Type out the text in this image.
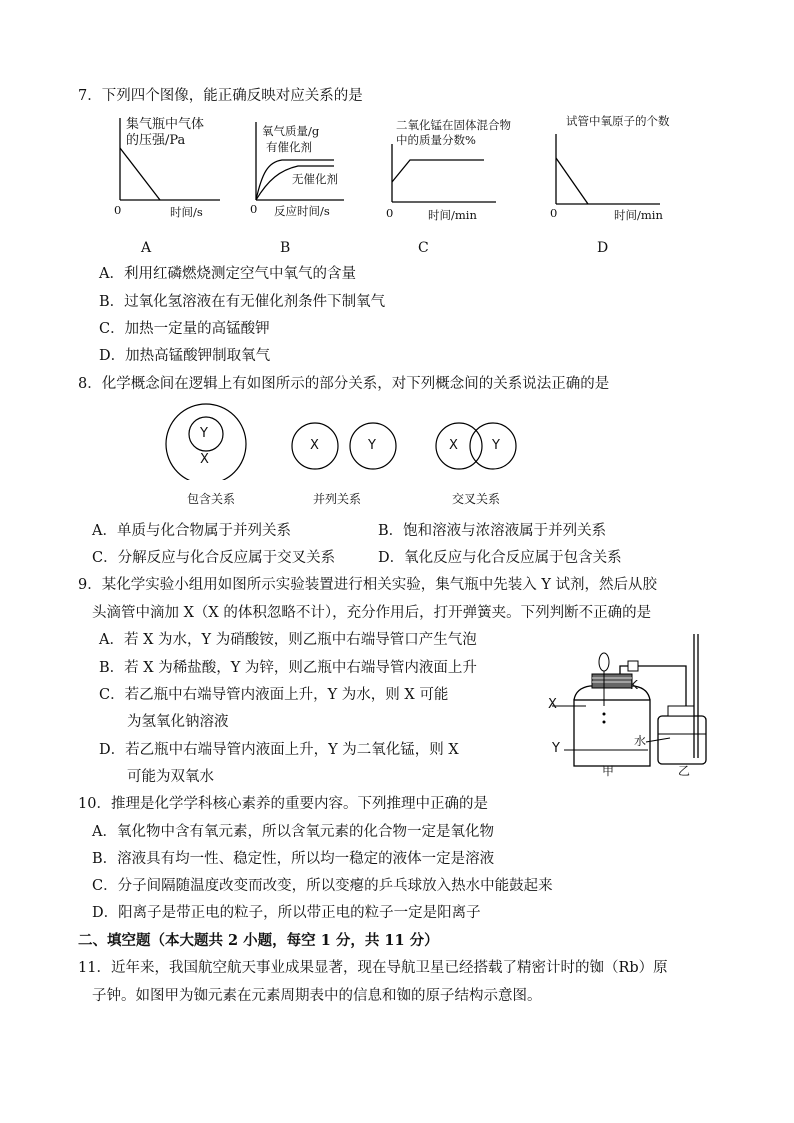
7．下列四个图像，能正确反映对应关系的是
集气瓶中气体
的压强/Pa
0	时间/s
A
氧气质量/g
有催化剂
无催化剂
0 反应时间/s
B
二氧化锰在固体混合物
中的质量分数%
0	时间/min
C
试管中氧原子的个数
0	时间/min
D
A．利用红磷燃烧测定空气中氧气的含量
B．过氧化氢溶液在有无催化剂条件下制氧气
C．加热一定量的高锰酸钾
D．加热高锰酸钾制取氧气
8．化学概念间在逻辑上有如图所示的部分关系，对下列概念间的关系说法正确的是
Y
X
X	Y	X	Y
包含关系	并列关系	交叉关系
A．单质与化合物属于并列关系	B．饱和溶液与浓溶液属于并列关系
C．分解反应与化合反应属于交叉关系	D．氧化反应与化合反应属于包含关系
9．某化学实验小组用如图所示实验装置进行相关实验，集气瓶中先装入 Y 试剂，然后从胶
头滴管中滴加 X（X 的体积忽略不计），充分作用后，打开弹簧夹。下列判断不正确的是
A．若 X 为水，Y 为硝酸铵，则乙瓶中右端导管口产生气泡
B．若 X 为稀盐酸，Y 为锌，则乙瓶中右端导管内液面上升
C．若乙瓶中右端导管内液面上升，Y 为水，则 X 可能
为氢氧化钠溶液
D．若乙瓶中右端导管内液面上升，Y 为二氧化锰，则 X
可能为双氧水
X
Y
K
水
甲	乙
10．推理是化学学科核心素养的重要内容。下列推理中正确的是
A．氧化物中含有氧元素，所以含氧元素的化合物一定是氧化物
B．溶液具有均一性、稳定性，所以均一稳定的液体一定是溶液
C．分子间隔随温度改变而改变，所以变瘪的乒乓球放入热水中能鼓起来
D．阳离子是带正电的粒子，所以带正电的粒子一定是阳离子
二、填空题（本大题共 2 小题，每空 1 分，共 11 分）
11．近年来，我国航空航天事业成果显著，现在导航卫星已经搭载了精密计时的铷（Rb）原
子钟。如图甲为铷元素在元素周期表中的信息和铷的原子结构示意图。
